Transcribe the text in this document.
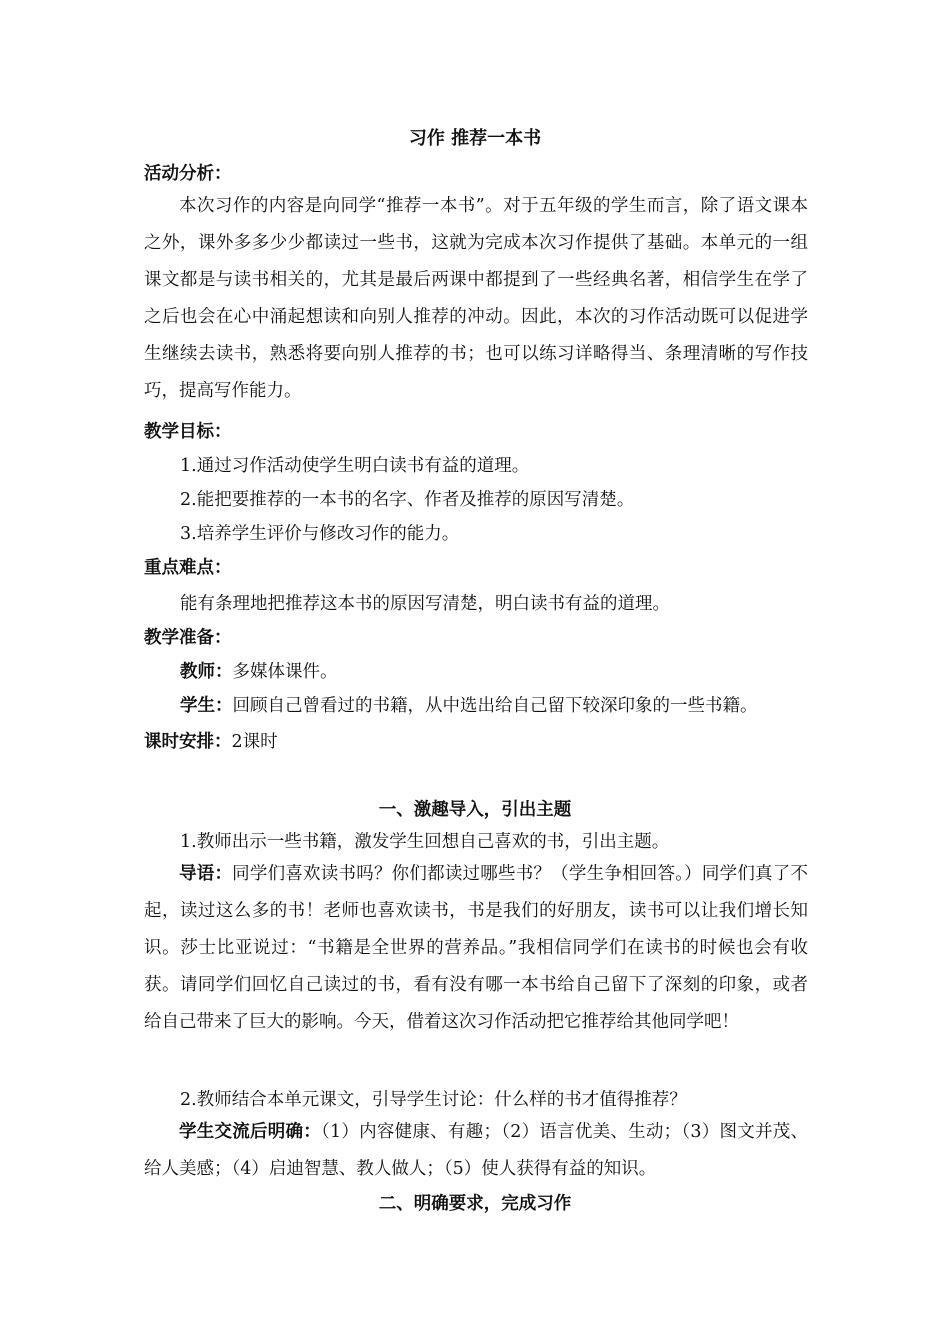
习作 推荐一本书
活动分析：

本次习作的内容是向同学“推荐一本书”。对于五年级的学生而言，除了语文课本之外，课外多多少少都读过一些书，这就为完成本次习作提供了基础。本单元的一组课文都是与读书相关的，尤其是最后两课中都提到了一些经典名著，相信学生在学了之后也会在心中涌起想读和向别人推荐的冲动。因此，本次的习作活动既可以促进学生继续去读书，熟悉将要向别人推荐的书；也可以练习详略得当、条理清晰的写作技巧，提高写作能力。

教学目标：
1.通过习作活动使学生明白读书有益的道理。
2.能把要推荐的一本书的名字、作者及推荐的原因写清楚。
3.培养学生评价与修改习作的能力。
重点难点：
能有条理地把推荐这本书的原因写清楚，明白读书有益的道理。
教学准备：
教师：多媒体课件。
学生：回顾自己曾看过的书籍，从中选出给自己留下较深印象的一些书籍。
课时安排：2课时
一、激趣导入，引出主题
1.教师出示一些书籍，激发学生回想自己喜欢的书，引出主题。

导语：同学们喜欢读书吗？你们都读过哪些书？（学生争相回答。）同学们真了不起，读过这么多的书！老师也喜欢读书，书是我们的好朋友，读书可以让我们增长知识。莎士比亚说过：“书籍是全世界的营养品。”我相信同学们在读书的时候也会有收获。请同学们回忆自己读过的书，看有没有哪一本书给自己留下了深刻的印象，或者给自己带来了巨大的影响。今天，借着这次习作活动把它推荐给其他同学吧！

2.教师结合本单元课文，引导学生讨论：什么样的书才值得推荐？

学生交流后明确：（1）内容健康、有趣；（2）语言优美、生动；（3）图文并茂、给人美感；（4）启迪智慧、教人做人；（5）使人获得有益的知识。

二、明确要求，完成习作
